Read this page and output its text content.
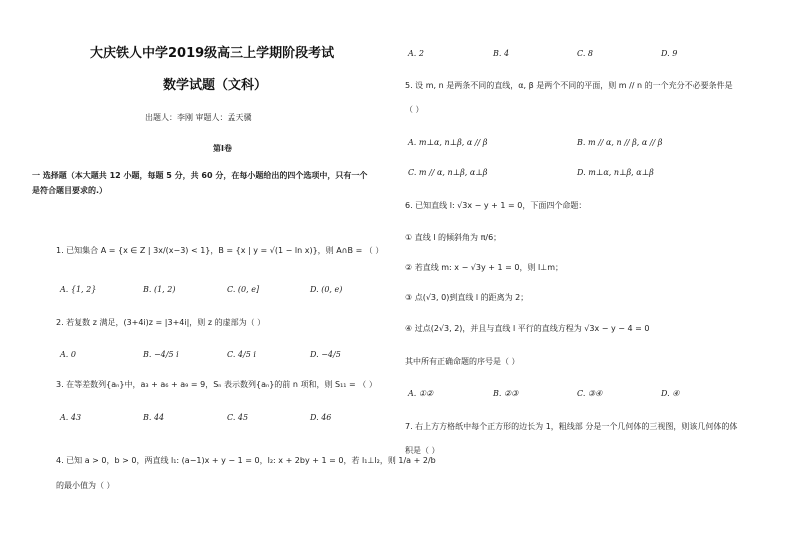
大庆铁人中学2019级高三上学期阶段考试
数学试题（文科）
出题人：李刚 审题人：孟天骥
第Ⅰ卷
一 选择题（本大题共 12 小题，每题 5 分，共 60 分，在每小题给出的四个选项中，只有一个
是符合题目要求的.）
1. 已知集合 A = {x ∈ Z | 3x/(x−3) < 1}，B = {x | y = √(1 − ln x)}，则 A∩B = （ ）
A. {1, 2}	B. (1, 2)	C. (0, e]	D. (0, e)
2. 若复数 z 满足，(3+4i)z = |3+4i|，则 z 的虚部为（ ）
A. 0	B. −4/5 i	C. 4/5 i	D. −4/5
3. 在等差数列{aₙ}中，a₃ + a₆ + a₉ = 9，Sₙ 表示数列{aₙ}的前 n 项和，则 S₁₁ = （ ）
A. 43	B. 44	C. 45	D. 46
4. 已知 a > 0，b > 0，两直线 l₁: (a−1)x + y − 1 = 0，l₂: x + 2by + 1 = 0，若 l₁⊥l₂，则 1/a + 2/b
的最小值为（ ）
A. 2	B. 4	C. 8	D. 9
5. 设 m, n 是两条不同的直线，α, β 是两个不同的平面，则 m // n 的一个充分不必要条件是
（ ）
A. m⊥α, n⊥β, α // β	B. m // α, n // β, α // β
C. m // α, n⊥β, α⊥β	D. m⊥α, n⊥β, α⊥β
6. 已知直线 l: √3x − y + 1 = 0，下面四个命题：
① 直线 l 的倾斜角为 π/6；
② 若直线 m: x − √3y + 1 = 0，则 l⊥m；
③ 点(√3, 0)到直线 l 的距离为 2；
④ 过点(2√3, 2)，并且与直线 l 平行的直线方程为 √3x − y − 4 = 0
其中所有正确命题的序号是（ ）
A. ①②	B. ②③	C. ③④	D. ④
7. 右上方方格纸中每个正方形的边长为 1，粗线部 分是一个几何体的三视图，则该几何体的体
积是（ ）
